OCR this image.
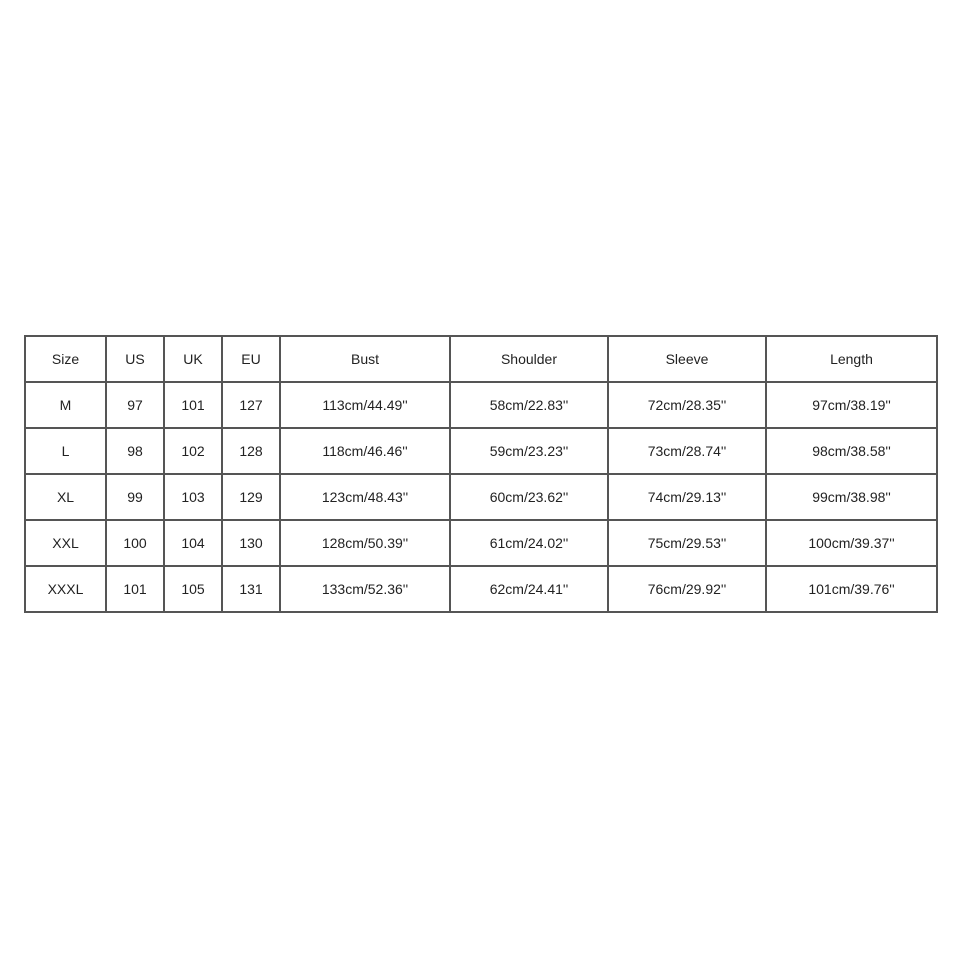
Size	US	UK	EU	Bust	Shoulder	Sleeve	Length
M	97	101	127	113cm/44.49''	58cm/22.83''	72cm/28.35''	97cm/38.19''
L	98	102	128	118cm/46.46''	59cm/23.23''	73cm/28.74''	98cm/38.58''
XL	99	103	129	123cm/48.43''	60cm/23.62''	74cm/29.13''	99cm/38.98''
XXL	100	104	130	128cm/50.39''	61cm/24.02''	75cm/29.53''	100cm/39.37''
XXXL	101	105	131	133cm/52.36''	62cm/24.41''	76cm/29.92''	101cm/39.76''
